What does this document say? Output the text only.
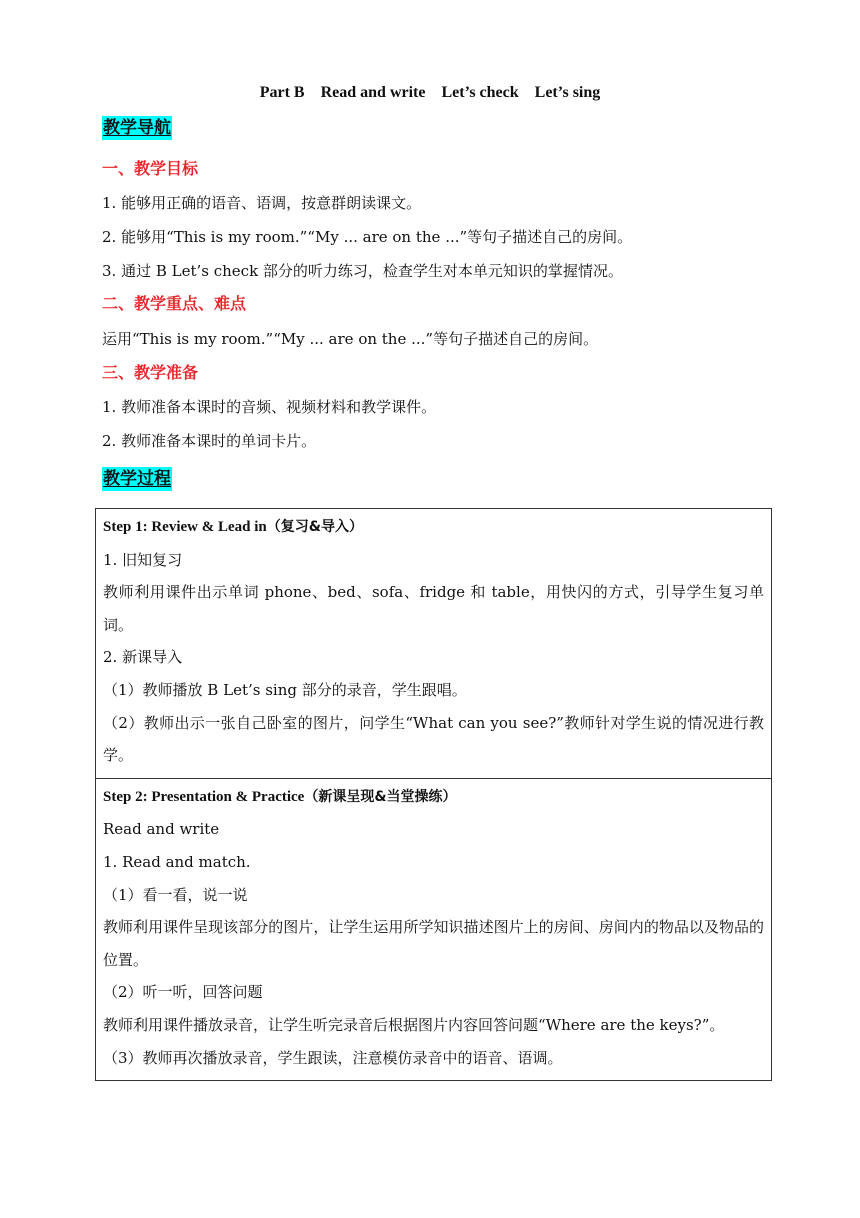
Part B    Read and write    Let’s check    Let’s sing
教学导航
一、教学目标
1. 能够用正确的语音、语调，按意群朗读课文。
2. 能够用“This is my room.”“My ... are on the ...”等句子描述自己的房间。
3. 通过 B Let’s check 部分的听力练习，检查学生对本单元知识的掌握情况。
二、教学重点、难点
运用“This is my room.”“My ... are on the ...”等句子描述自己的房间。
三、教学准备
1. 教师准备本课时的音频、视频材料和教学课件。
2. 教师准备本课时的单词卡片。
教学过程
Step 1: Review & Lead in（复习&导入）
1. 旧知复习
教师利用课件出示单词 phone、bed、sofa、fridge 和 table，用快闪的方式，引导学生复习单词。
2. 新课导入
（1）教师播放 B Let’s sing 部分的录音，学生跟唱。
（2）教师出示一张自己卧室的图片，问学生“What can you see?”教师针对学生说的情况进行教学。

Step 2: Presentation & Practice（新课呈现&当堂操练）
Read and write
1. Read and match.
（1）看一看，说一说
教师利用课件呈现该部分的图片，让学生运用所学知识描述图片上的房间、房间内的物品以及物品的位置。
（2）听一听，回答问题
教师利用课件播放录音，让学生听完录音后根据图片内容回答问题“Where are the keys?”。
（3）教师再次播放录音，学生跟读，注意模仿录音中的语音、语调。
